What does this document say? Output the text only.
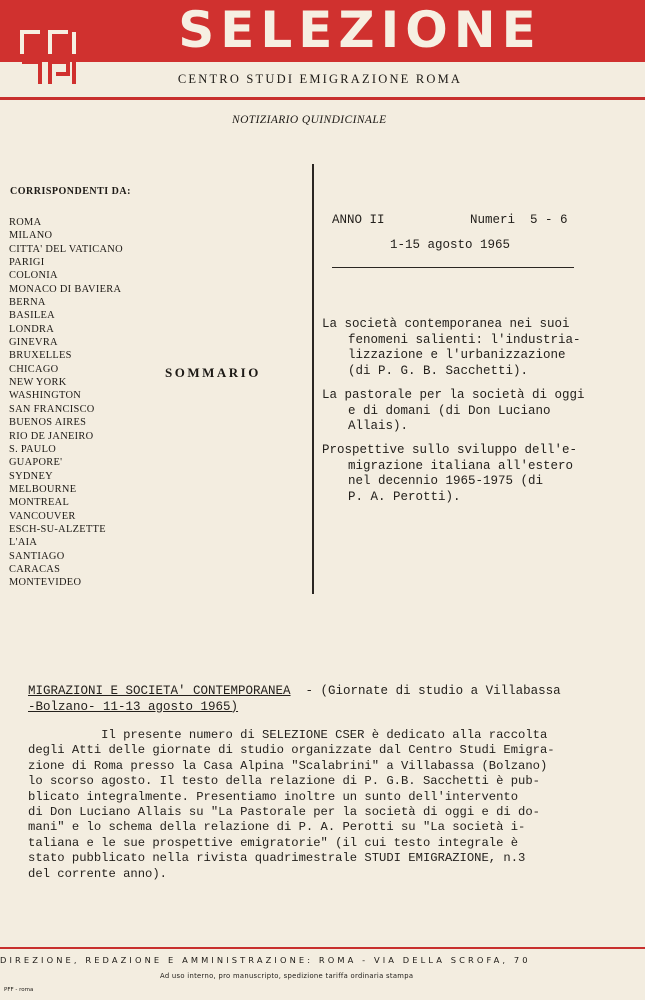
SELEZIONE
CENTRO STUDI EMIGRAZIONE ROMA
NOTIZIARIO QUINDICINALE
CORRISPONDENTI DA:
ROMA
MILANO
CITTA' DEL VATICANO
PARIGI
COLONIA
MONACO DI BAVIERA
BERNA
BASILEA
LONDRA
GINEVRA
BRUXELLES
CHICAGO
NEW YORK
WASHINGTON
SAN FRANCISCO
BUENOS AIRES
RIO DE JANEIRO
S. PAULO
GUAPORE'
SYDNEY
MELBOURNE
MONTREAL
VANCOUVER
ESCH-SU-ALZETTE
L'AIA
SANTIAGO
CARACAS
MONTEVIDEO
SOMMARIO
ANNO II	Numeri  5 - 6
1-15 agosto 1965
La società contemporanea nei suoi
fenomeni salienti: l'industria-
lizzazione e l'urbanizzazione
(di P. G. B. Sacchetti).
La pastorale per la società di oggi
e di domani (di Don Luciano
Allais).
Prospettive sullo sviluppo dell'e-
migrazione italiana all'estero
nel decennio 1965-1975 (di
P. A. Perotti).
MIGRAZIONI E SOCIETA' CONTEMPORANEA  - (Giornate di studio a Villabassa
-Bolzano- 11-13 agosto 1965)
Il presente numero di SELEZIONE CSER è dedicato alla raccolta
degli Atti delle giornate di studio organizzate dal Centro Studi Emigra-
zione di Roma presso la Casa Alpina "Scalabrini" a Villabassa (Bolzano)
lo scorso agosto. Il testo della relazione di P. G.B. Sacchetti è pub-
blicato integralmente. Presentiamo inoltre un sunto dell'intervento
di Don Luciano Allais su "La Pastorale per la società di oggi e di do-
mani" e lo schema della relazione di P. A. Perotti su "La società i-
taliana e le sue prospettive emigratorie" (il cui testo integrale è
stato pubblicato nella rivista quadrimestrale STUDI EMIGRAZIONE, n.3
del corrente anno).
DIREZIONE, REDAZIONE E AMMINISTRAZIONE: ROMA - VIA DELLA SCROFA, 70
Ad uso interno, pro manuscripto, spedizione tariffa ordinaria stampa
PFF - roma
